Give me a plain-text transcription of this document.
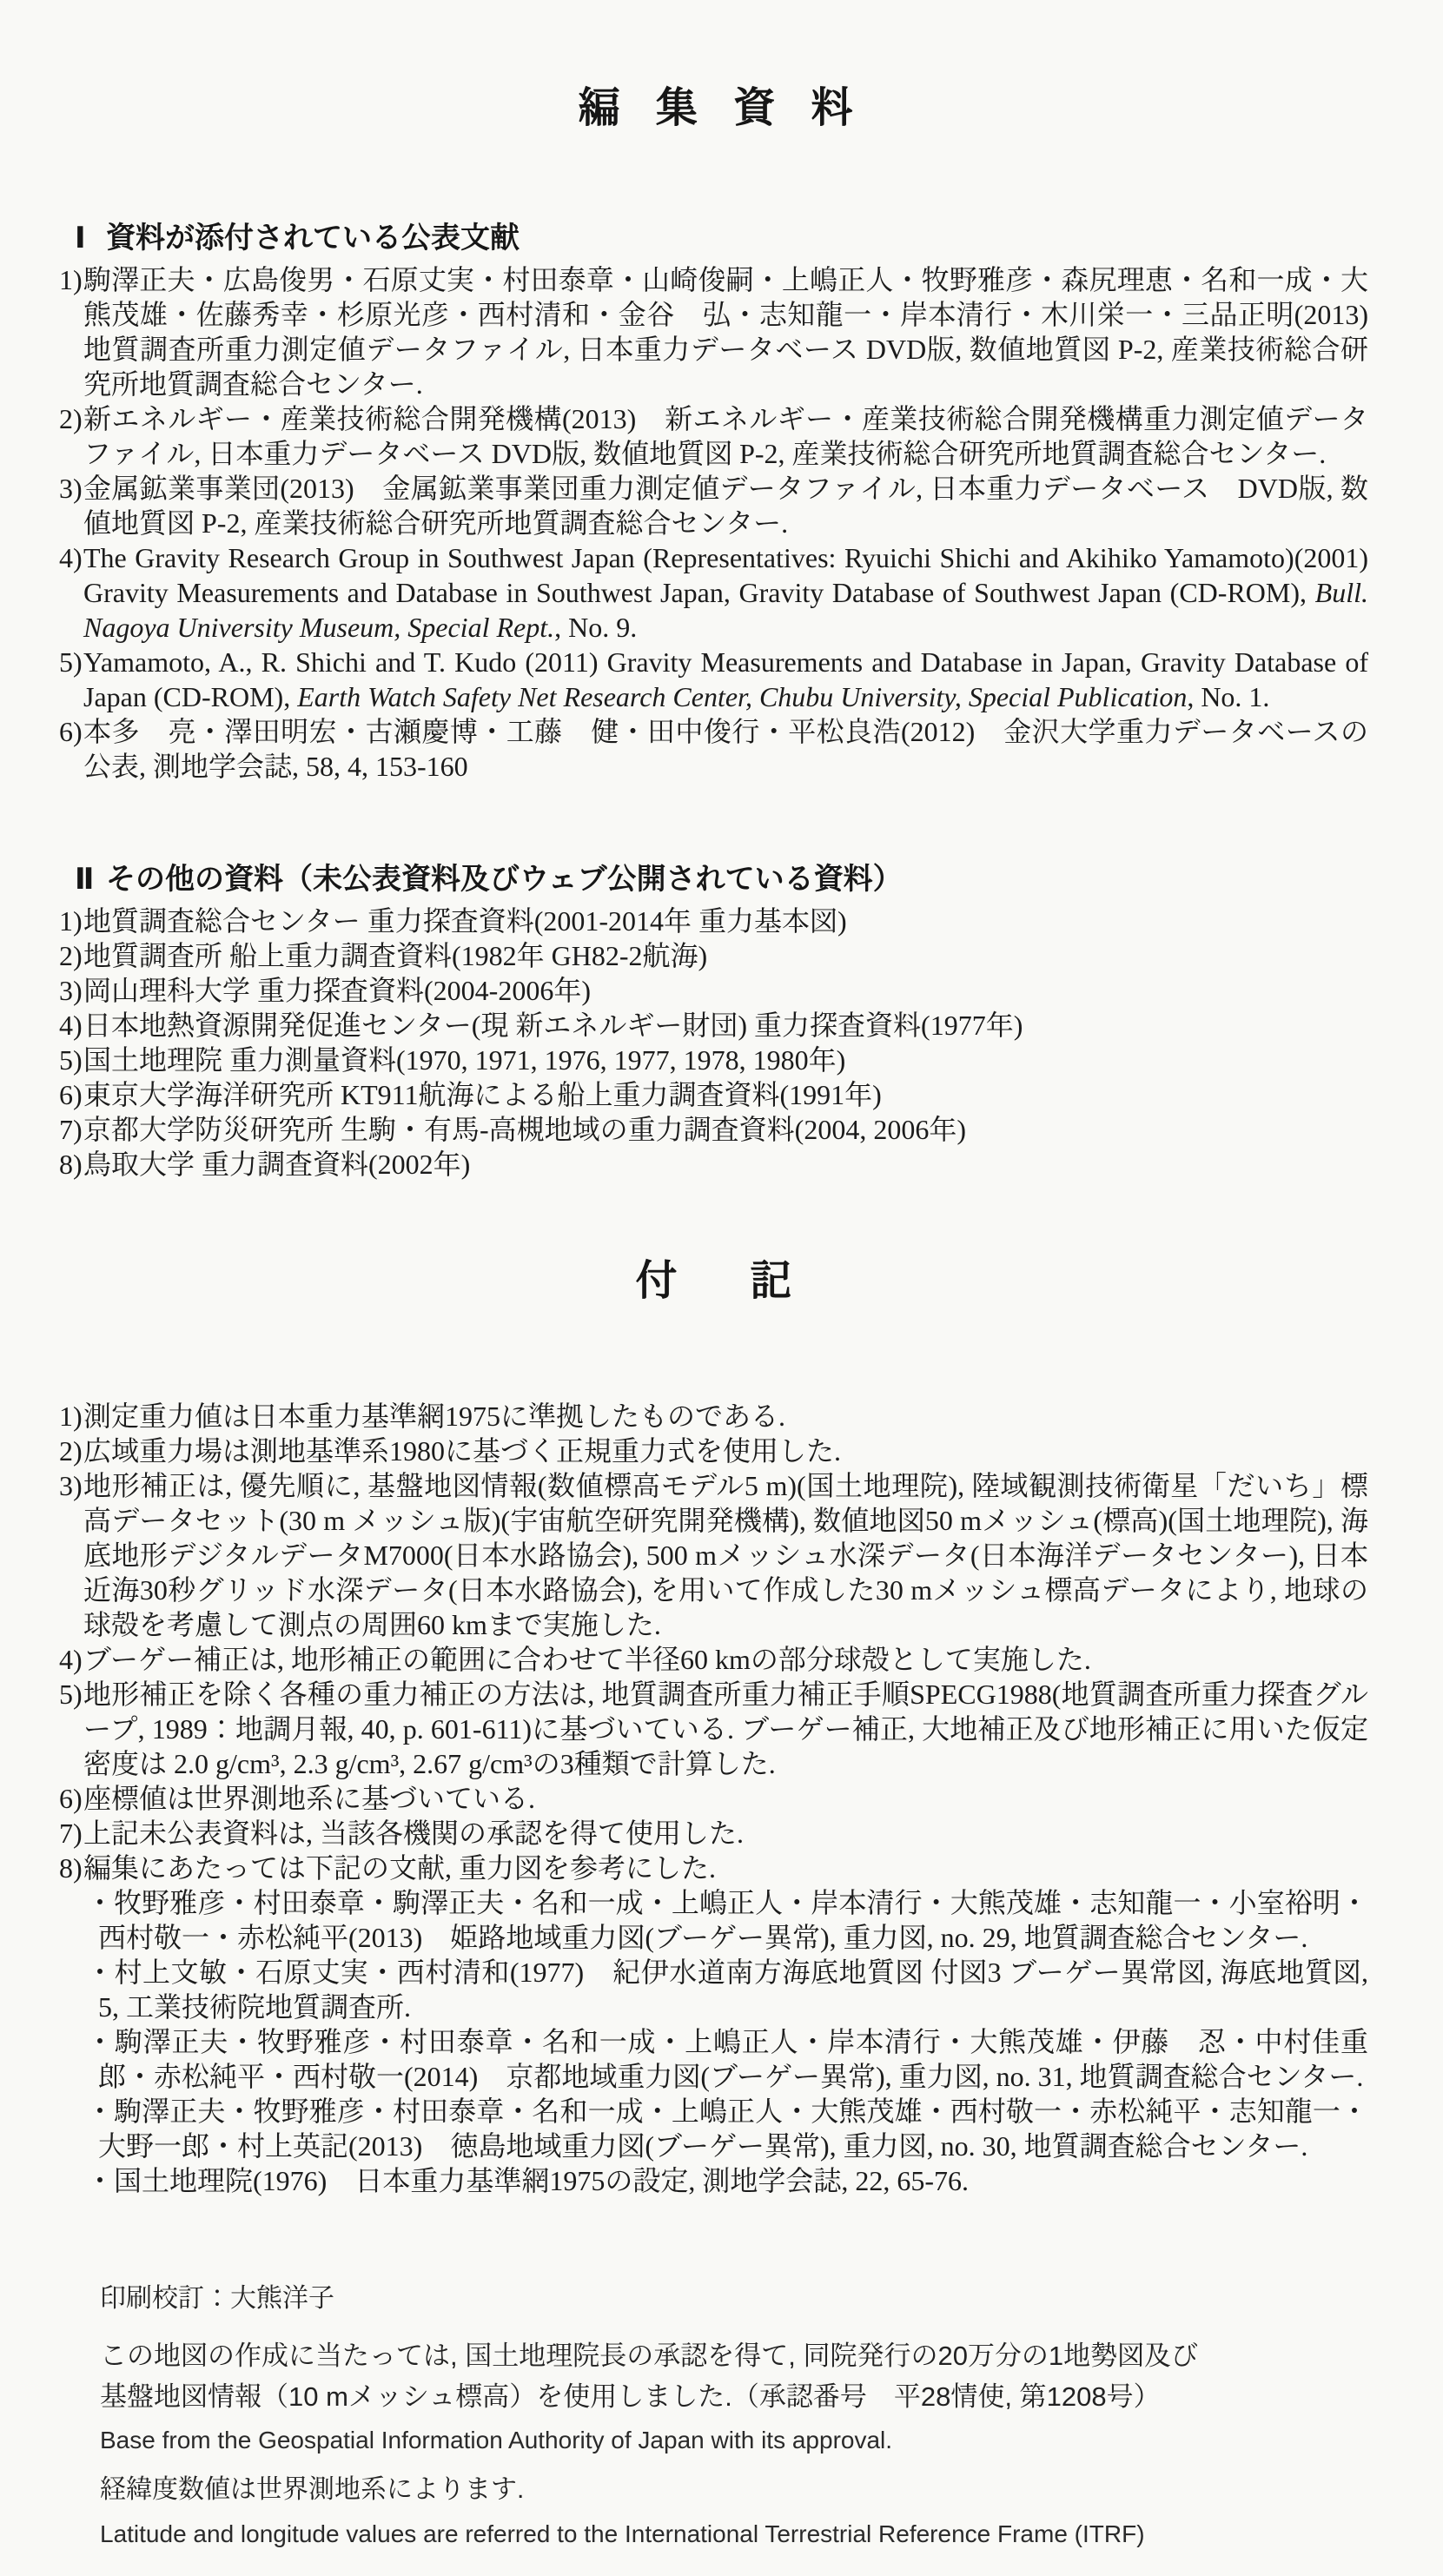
編 集 資 料
Ⅰ 資料が添付されている公表文献
1) 駒澤正夫・広島俊男・石原丈実・村田泰章・山崎俊嗣・上嶋正人・牧野雅彦・森尻理恵・名和一成・大熊茂雄・佐藤秀幸・杉原光彦・西村清和・金谷　弘・志知龍一・岸本清行・木川栄一・三品正明(2013)　地質調査所重力測定値データファイル, 日本重力データベース DVD版, 数値地質図 P-2, 産業技術総合研究所地質調査総合センター.
2) 新エネルギー・産業技術総合開発機構(2013)　新エネルギー・産業技術総合開発機構重力測定値データファイル, 日本重力データベース DVD版, 数値地質図 P-2, 産業技術総合研究所地質調査総合センター.
3) 金属鉱業事業団(2013)　金属鉱業事業団重力測定値データファイル, 日本重力データベース　DVD版, 数値地質図 P-2, 産業技術総合研究所地質調査総合センター.
4) The Gravity Research Group in Southwest Japan (Representatives: Ryuichi Shichi and Akihiko Yamamoto)(2001) Gravity Measurements and Database in Southwest Japan, Gravity Database of Southwest Japan (CD-ROM), Bull. Nagoya University Museum, Special Rept., No. 9.
5) Yamamoto, A., R. Shichi and T. Kudo (2011) Gravity Measurements and Database in Japan, Gravity Database of Japan (CD-ROM), Earth Watch Safety Net Research Center, Chubu University, Special Publication, No. 1.
6) 本多　亮・澤田明宏・古瀬慶博・工藤　健・田中俊行・平松良浩(2012)　金沢大学重力データベースの公表, 測地学会誌, 58, 4, 153-160
Ⅱ その他の資料（未公表資料及びウェブ公開されている資料）
1) 地質調査総合センター 重力探査資料(2001-2014年 重力基本図)
2) 地質調査所 船上重力調査資料(1982年 GH82-2航海)
3) 岡山理科大学 重力探査資料(2004-2006年)
4) 日本地熱資源開発促進センター(現 新エネルギー財団) 重力探査資料(1977年)
5) 国土地理院 重力測量資料(1970, 1971, 1976, 1977, 1978, 1980年)
6) 東京大学海洋研究所 KT911航海による船上重力調査資料(1991年)
7) 京都大学防災研究所 生駒・有馬-高槻地域の重力調査資料(2004, 2006年)
8) 鳥取大学 重力調査資料(2002年)
付　記
1) 測定重力値は日本重力基準網1975に準拠したものである.
2) 広域重力場は測地基準系1980に基づく正規重力式を使用した.
3) 地形補正は, 優先順に, 基盤地図情報(数値標高モデル5 m)(国土地理院), 陸域観測技術衛星「だいち」標高データセット(30 m メッシュ版)(宇宙航空研究開発機構), 数値地図50 mメッシュ(標高)(国土地理院), 海底地形デジタルデータM7000(日本水路協会), 500 mメッシュ水深データ(日本海洋データセンター), 日本近海30秒グリッド水深データ(日本水路協会), を用いて作成した30 mメッシュ標高データにより, 地球の球殻を考慮して測点の周囲60 kmまで実施した.
4) ブーゲー補正は, 地形補正の範囲に合わせて半径60 kmの部分球殻として実施した.
5) 地形補正を除く各種の重力補正の方法は, 地質調査所重力補正手順SPECG1988(地質調査所重力探査グループ, 1989：地調月報, 40, p. 601-611)に基づいている. ブーゲー補正, 大地補正及び地形補正に用いた仮定密度は 2.0 g/cm³, 2.3 g/cm³, 2.67 g/cm³の3種類で計算した.
6) 座標値は世界測地系に基づいている.
7) 上記未公表資料は, 当該各機関の承認を得て使用した.
8) 編集にあたっては下記の文献, 重力図を参考にした.
・牧野雅彦・村田泰章・駒澤正夫・名和一成・上嶋正人・岸本清行・大熊茂雄・志知龍一・小室裕明・西村敬一・赤松純平(2013)　姫路地域重力図(ブーゲー異常), 重力図, no. 29, 地質調査総合センター.
・村上文敏・石原丈実・西村清和(1977)　紀伊水道南方海底地質図 付図3 ブーゲー異常図, 海底地質図, 5, 工業技術院地質調査所.
・駒澤正夫・牧野雅彦・村田泰章・名和一成・上嶋正人・岸本清行・大熊茂雄・伊藤　忍・中村佳重郎・赤松純平・西村敬一(2014)　京都地域重力図(ブーゲー異常), 重力図, no. 31, 地質調査総合センター.
・駒澤正夫・牧野雅彦・村田泰章・名和一成・上嶋正人・大熊茂雄・西村敬一・赤松純平・志知龍一・大野一郎・村上英記(2013)　徳島地域重力図(ブーゲー異常), 重力図, no. 30, 地質調査総合センター.
・国土地理院(1976)　日本重力基準網1975の設定, 測地学会誌, 22, 65-76.
印刷校訂：大熊洋子
この地図の作成に当たっては, 国土地理院長の承認を得て, 同院発行の20万分の1地勢図及び
基盤地図情報（10 mメッシュ標高）を使用しました.（承認番号　平28情使, 第1208号）
Base from the Geospatial Information Authority of Japan with its approval.
経緯度数値は世界測地系によります.
Latitude and longitude values are referred to the International Terrestrial Reference Frame (ITRF)
